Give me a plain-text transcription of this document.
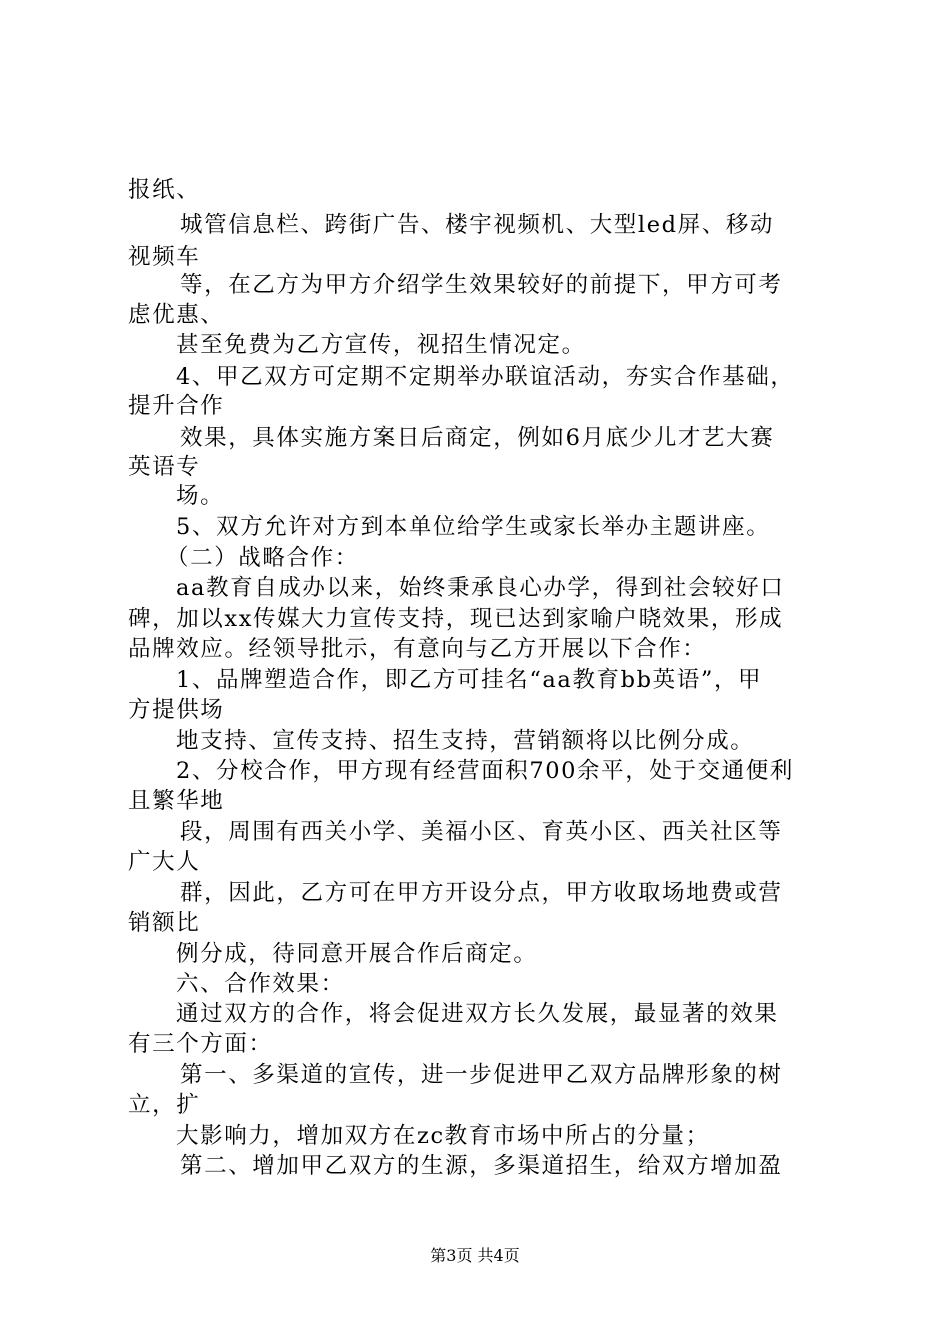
报纸、
城管信息栏、跨街广告、楼宇视频机、大型led屏、移动
视频车
等，在乙方为甲方介绍学生效果较好的前提下，甲方可考
虑优惠、
甚至免费为乙方宣传，视招生情况定。
4、甲乙双方可定期不定期举办联谊活动，夯实合作基础，
提升合作
效果，具体实施方案日后商定，例如6月底少儿才艺大赛
英语专
场。
5、双方允许对方到本单位给学生或家长举办主题讲座。
（二）战略合作：
aa教育自成办以来，始终秉承良心办学，得到社会较好口
碑，加以xx传媒大力宣传支持，现已达到家喻户晓效果，形成
品牌效应。经领导批示，有意向与乙方开展以下合作：
1、品牌塑造合作，即乙方可挂名“aa教育bb英语”，甲
方提供场
地支持、宣传支持、招生支持，营销额将以比例分成。
2、分校合作，甲方现有经营面积700余平，处于交通便利
且繁华地
段，周围有西关小学、美福小区、育英小区、西关社区等
广大人
群，因此，乙方可在甲方开设分点，甲方收取场地费或营
销额比
例分成，待同意开展合作后商定。
六、合作效果：
通过双方的合作，将会促进双方长久发展，最显著的效果
有三个方面：
第一、多渠道的宣传，进一步促进甲乙双方品牌形象的树
立，扩
大影响力，增加双方在zc教育市场中所占的分量；
第二、增加甲乙双方的生源，多渠道招生，给双方增加盈
第3页 共4页
